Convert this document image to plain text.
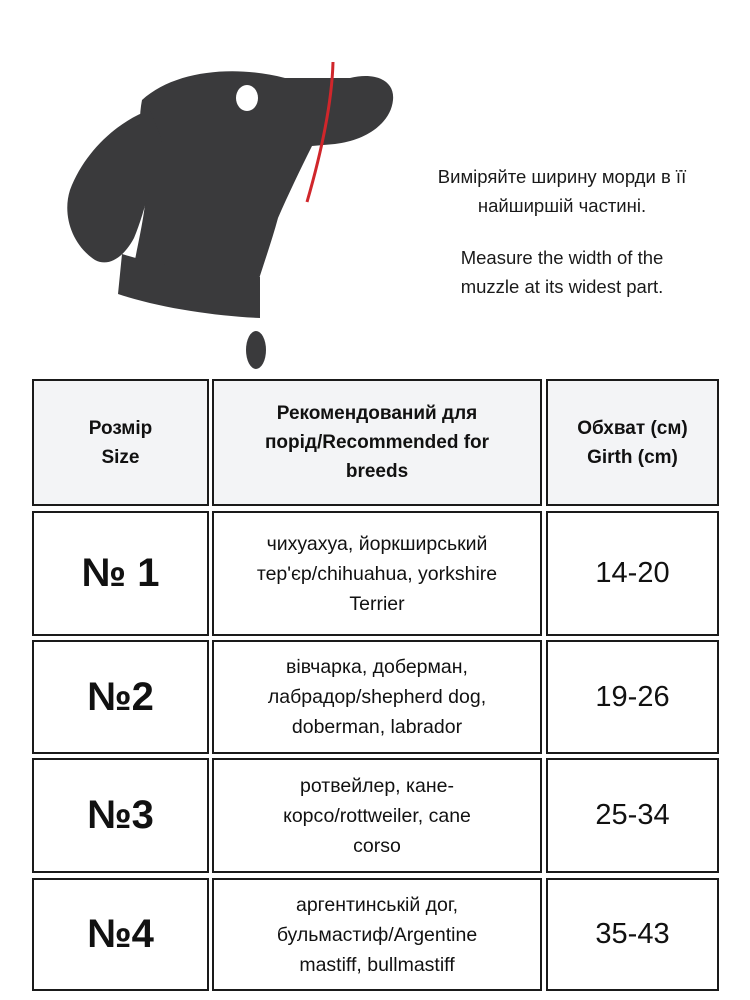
Виміряйте ширину морди в її
найширшій частині.

Measure the width of the
muzzle at its widest part.

Розмір
Size
Рекомендований для
порід/Recommended for
breeds
Обхват (см)
Girth (cm)
№ 1
чихуахуа, йоркширський
тер'єр/chihuahua, yorkshire
Terrier
14-20
№2
вівчарка, доберман,
лабрадор/shepherd dog,
doberman, labrador
19-26
№3
ротвейлер, кане-
корсо/rottweiler, cane
corso
25-34
№4
аргентинськiй дог,
бульмастиф/Argentine
mastiff, bullmastiff
35-43
